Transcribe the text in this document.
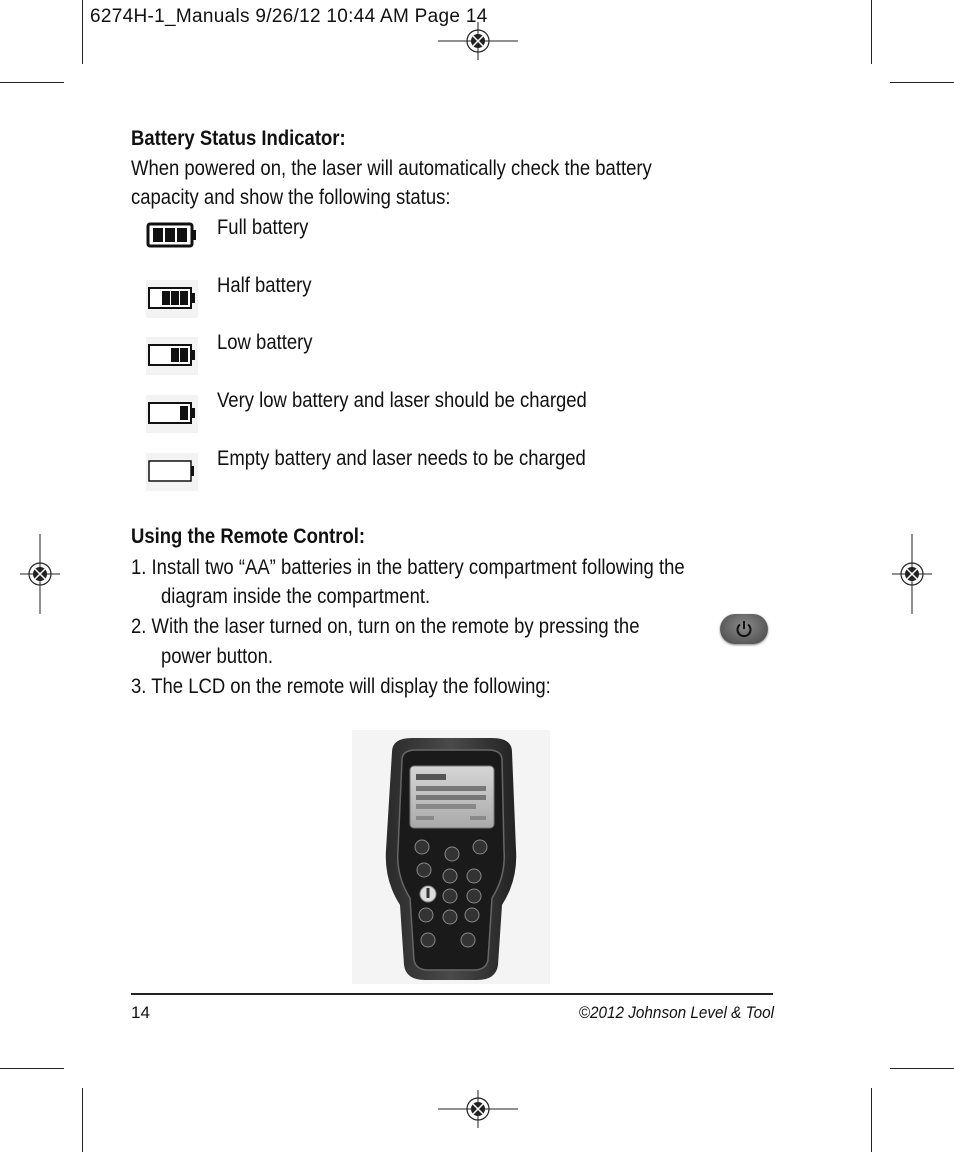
6274H-1_Manuals 9/26/12 10:44 AM Page 14
Battery Status Indicator:
When powered on, the laser will automatically check the battery
capacity and show the following status:
Full battery
Half battery
Low battery
Very low battery and laser should be charged
Empty battery and laser needs to be charged
Using the Remote Control:
1. Install two “AA” batteries in the battery compartment following the
diagram inside the compartment.
2. With the laser turned on, turn on the remote by pressing the
power button.
3. The LCD on the remote will display the following:
14	©2012 Johnson Level & Tool
